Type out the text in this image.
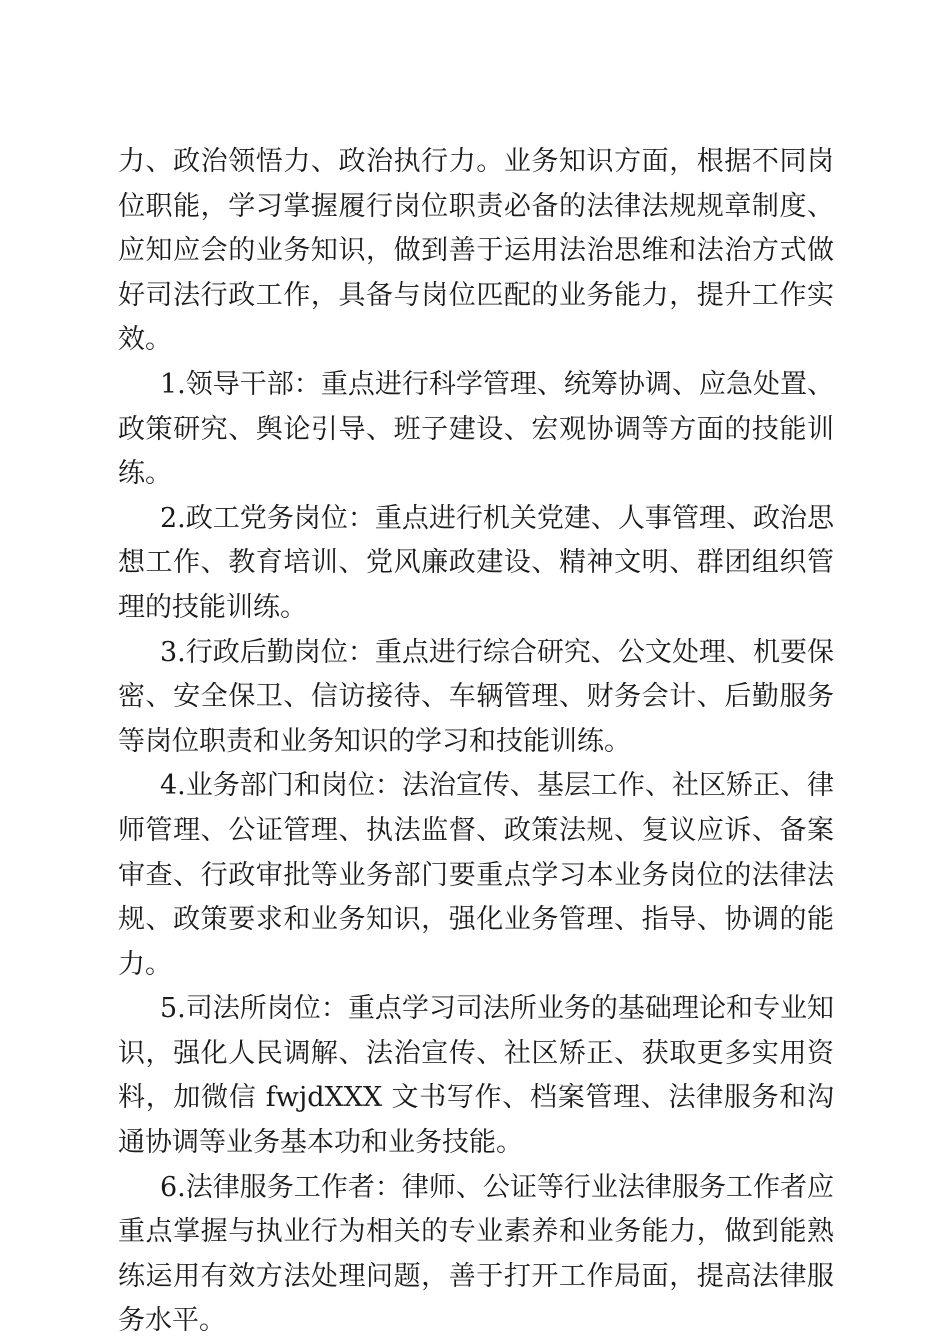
力、政治领悟力、政治执行力。业务知识方面，根据不同岗位职能，学习掌握履行岗位职责必备的法律法规规章制度、应知应会的业务知识，做到善于运用法治思维和法治方式做好司法行政工作，具备与岗位匹配的业务能力，提升工作实效。

1.领导干部：重点进行科学管理、统筹协调、应急处置、政策研究、舆论引导、班子建设、宏观协调等方面的技能训练。

2.政工党务岗位：重点进行机关党建、人事管理、政治思想工作、教育培训、党风廉政建设、精神文明、群团组织管理的技能训练。

3.行政后勤岗位：重点进行综合研究、公文处理、机要保密、安全保卫、信访接待、车辆管理、财务会计、后勤服务等岗位职责和业务知识的学习和技能训练。

4.业务部门和岗位：法治宣传、基层工作、社区矫正、律师管理、公证管理、执法监督、政策法规、复议应诉、备案审查、行政审批等业务部门要重点学习本业务岗位的法律法规、政策要求和业务知识，强化业务管理、指导、协调的能力。

5.司法所岗位：重点学习司法所业务的基础理论和专业知识，强化人民调解、法治宣传、社区矫正、获取更多实用资料，加微信 fwjdXXX 文书写作、档案管理、法律服务和沟通协调等业务基本功和业务技能。

6.法律服务工作者：律师、公证等行业法律服务工作者应重点掌握与执业行为相关的专业素养和业务能力，做到能熟练运用有效方法处理问题，善于打开工作局面，提高法律服务水平。
